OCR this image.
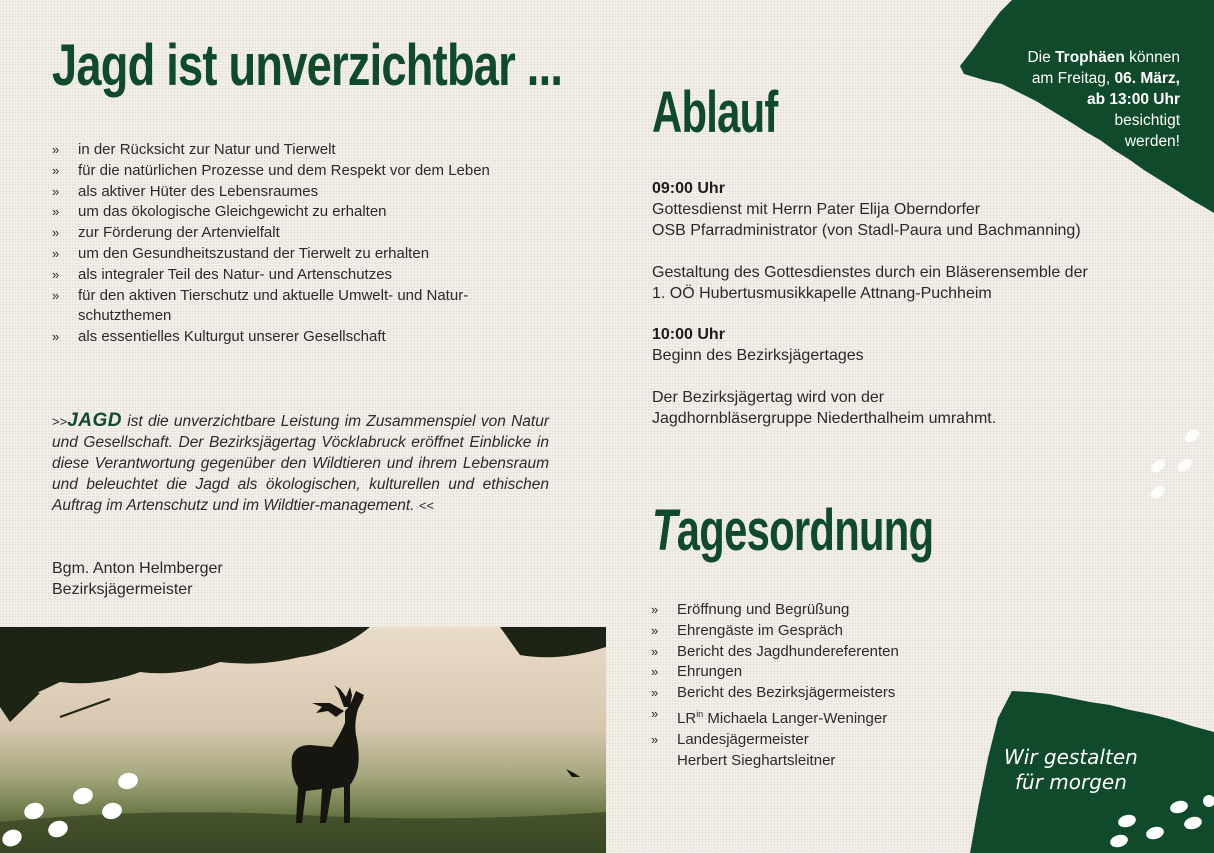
Die Trophäen können
am Freitag, 06. März,
ab 13:00 Uhr
besichtigt
werden!
Jagd ist unverzichtbar ...
» in der Rücksicht zur Natur und Tierwelt
» für die natürlichen Prozesse und dem Respekt vor dem Leben
» als aktiver Hüter des Lebensraumes
» um das ökologische Gleichgewicht zu erhalten
» zur Förderung der Artenvielfalt
» um den Gesundheitszustand der Tierwelt zu erhalten
» als integraler Teil des Natur- und Artenschutzes
» für den aktiven Tierschutz und aktuelle Umwelt- und Natur-schutzthemen
» als essentielles Kulturgut unserer Gesellschaft
>>JAGD ist die unverzichtbare Leistung im Zusammenspiel von Natur und Gesellschaft. Der Bezirksjägertag Vöcklabruck eröffnet Einblicke in diese Verantwortung gegenüber den Wildtieren und ihrem Lebensraum und beleuchtet die Jagd als ökologischen, kulturellen und ethischen Auftrag im Artenschutz und im Wildtier-management. <<
Bgm. Anton Helmberger
Bezirksjägermeister
Ablauf
09:00 Uhr
Gottesdienst mit Herrn Pater Elija Oberndorfer
OSB Pfarradministrator (von Stadl-Paura und Bachmanning)
Gestaltung des Gottesdienstes durch ein Bläserensemble der
1. OÖ Hubertusmusikkapelle Attnang-Puchheim
10:00 Uhr
Beginn des Bezirksjägertages
Der Bezirksjägertag wird von der
Jagdhornbläsergruppe Niederthalheim umrahmt.
Tagesordnung
» Eröffnung und Begrüßung
» Ehrengäste im Gespräch
» Bericht des Jagdhundereferenten
» Ehrungen
» Bericht des Bezirksjägermeisters
» $LR^{in}$ Michaela Langer-Weninger
» Landesjägermeister
Herbert Sieghartsleitner	Wir gestalten
für morgen
